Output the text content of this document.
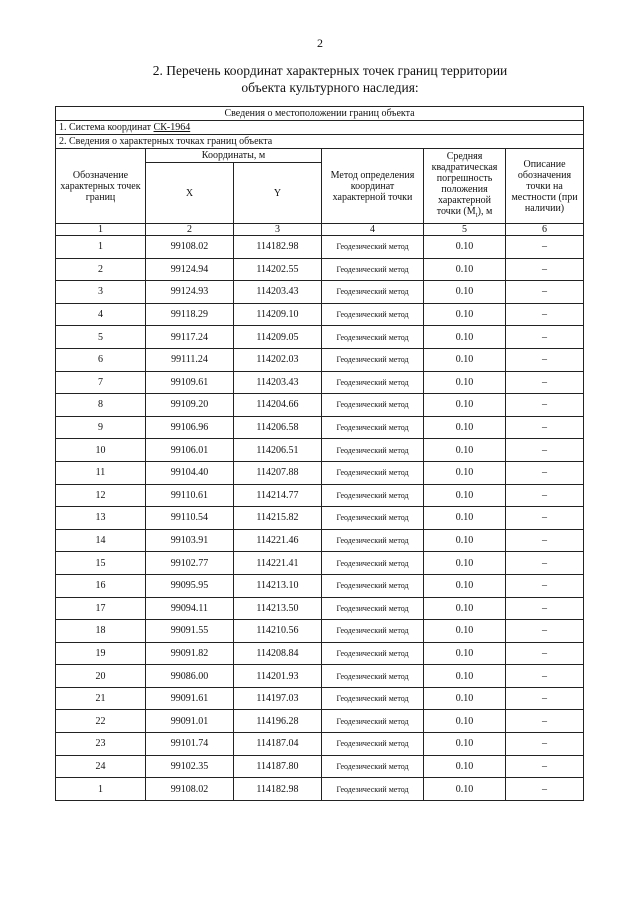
2
2. Перечень координат характерных точек границ территории
объекта культурного наследия:
Сведения о местоположении границ объекта					
1. Система координат СК-1964					
2. Сведения о характерных точках границ объекта					
Обозначение характерных точек границ	Координаты, м		Метод определения координат характерной точки	Средняя квадратическая погрешность положения характерной точки $(M_t)$, м	Описание обозначения точки на местности (при наличии)
	X	Y			
1	2	3	4	5	6
1	99108.02	114182.98	Геодезический метод	0.10	–
2	99124.94	114202.55	Геодезический метод	0.10	–
3	99124.93	114203.43	Геодезический метод	0.10	–
4	99118.29	114209.10	Геодезический метод	0.10	–
5	99117.24	114209.05	Геодезический метод	0.10	–
6	99111.24	114202.03	Геодезический метод	0.10	–
7	99109.61	114203.43	Геодезический метод	0.10	–
8	99109.20	114204.66	Геодезический метод	0.10	–
9	99106.96	114206.58	Геодезический метод	0.10	–
10	99106.01	114206.51	Геодезический метод	0.10	–
11	99104.40	114207.88	Геодезический метод	0.10	–
12	99110.61	114214.77	Геодезический метод	0.10	–
13	99110.54	114215.82	Геодезический метод	0.10	–
14	99103.91	114221.46	Геодезический метод	0.10	–
15	99102.77	114221.41	Геодезический метод	0.10	–
16	99095.95	114213.10	Геодезический метод	0.10	–
17	99094.11	114213.50	Геодезический метод	0.10	–
18	99091.55	114210.56	Геодезический метод	0.10	–
19	99091.82	114208.84	Геодезический метод	0.10	–
20	99086.00	114201.93	Геодезический метод	0.10	–
21	99091.61	114197.03	Геодезический метод	0.10	–
22	99091.01	114196.28	Геодезический метод	0.10	–
23	99101.74	114187.04	Геодезический метод	0.10	–
24	99102.35	114187.80	Геодезический метод	0.10	–
1	99108.02	114182.98	Геодезический метод	0.10	–
